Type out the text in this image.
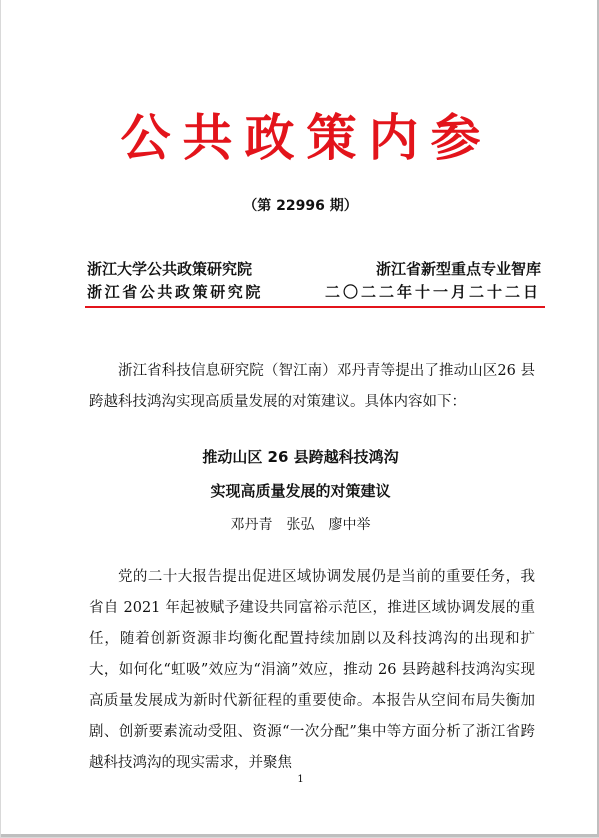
公共政策内参
（第 22996 期）
浙江大学公共政策研究院	浙江省新型重点专业智库
浙江省公共政策研究院	二〇二二年十一月二十二日
浙江省科技信息研究院（智江南）邓丹青等提出了推动山区26 县跨越科技鸿沟实现高质量发展的对策建议。具体内容如下：
推动山区 26 县跨越科技鸿沟
实现高质量发展的对策建议
邓丹青　张弘　廖中举
党的二十大报告提出促进区域协调发展仍是当前的重要任务，我省自 2021 年起被赋予建设共同富裕示范区，推进区域协调发展的重任，随着创新资源非均衡化配置持续加剧以及科技鸿沟的出现和扩大，如何化“虹吸”效应为“涓滴”效应，推动 26 县跨越科技鸿沟实现高质量发展成为新时代新征程的重要使命。本报告从空间布局失衡加剧、创新要素流动受阻、资源“一次分配”集中等方面分析了浙江省跨越科技鸿沟的现实需求，并聚焦
1
